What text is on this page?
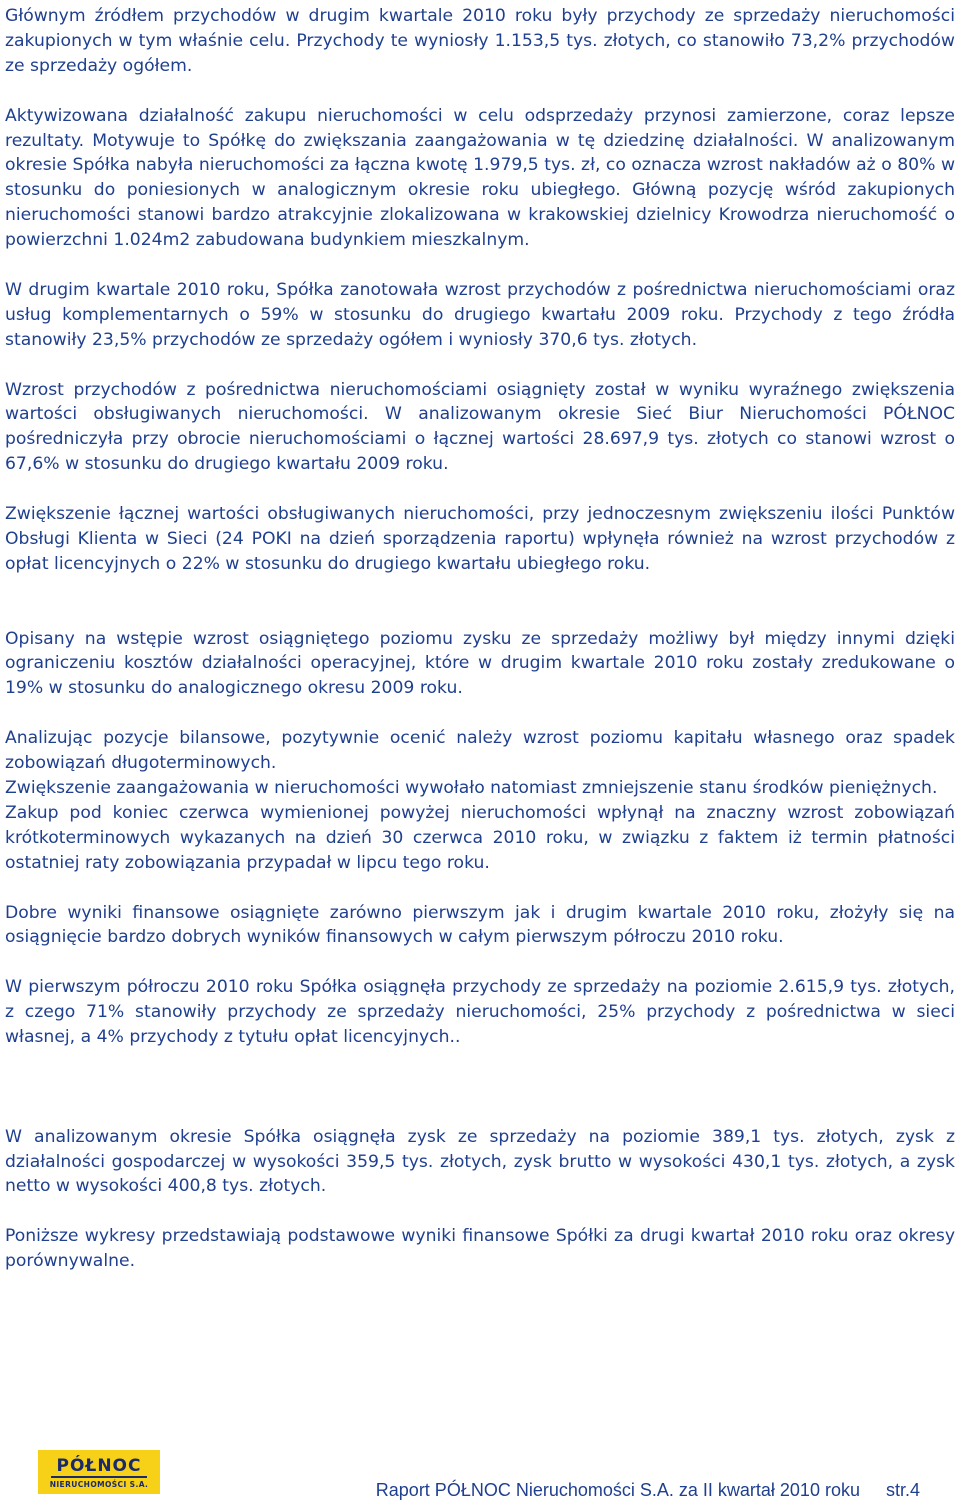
Głównym źródłem przychodów w drugim kwartale 2010 roku były przychody ze sprzedaży nieruchomości zakupionych w tym właśnie celu. Przychody te wyniosły 1.153,5 tys. złotych, co stanowiło 73,2% przychodów ze sprzedaży ogółem.

Aktywizowana działalność zakupu nieruchomości w celu odsprzedaży przynosi zamierzone, coraz lepsze rezultaty. Motywuje to Spółkę do zwiększania zaangażowania w tę dziedzinę działalności. W analizowanym okresie Spółka nabyła nieruchomości za łączna kwotę 1.979,5 tys. zł, co oznacza wzrost nakładów aż o 80% w stosunku do poniesionych w analogicznym okresie roku ubiegłego. Główną pozycję wśród zakupionych nieruchomości stanowi bardzo atrakcyjnie zlokalizowana w krakowskiej dzielnicy Krowodrza nieruchomość o powierzchni 1.024m2 zabudowana budynkiem mieszkalnym.

W drugim kwartale 2010 roku, Spółka zanotowała wzrost przychodów z pośrednictwa nieruchomościami oraz usług komplementarnych o 59% w stosunku do drugiego kwartału 2009 roku. Przychody z tego źródła stanowiły 23,5% przychodów ze sprzedaży ogółem i wyniosły 370,6 tys. złotych.

Wzrost przychodów z pośrednictwa nieruchomościami osiągnięty został w wyniku wyraźnego zwiększenia wartości obsługiwanych nieruchomości. W analizowanym okresie Sieć Biur Nieruchomości PÓŁNOC pośredniczyła przy obrocie nieruchomościami o łącznej wartości 28.697,9 tys. złotych co stanowi wzrost o 67,6% w stosunku do drugiego kwartału 2009 roku.

Zwiększenie łącznej wartości obsługiwanych nieruchomości, przy jednoczesnym zwiększeniu ilości Punktów Obsługi Klienta w Sieci (24 POKI na dzień sporządzenia raportu) wpłynęła również na wzrost przychodów z opłat licencyjnych o 22% w stosunku do drugiego kwartału ubiegłego roku.

Opisany na wstępie wzrost osiągniętego poziomu zysku ze sprzedaży możliwy był między innymi dzięki ograniczeniu kosztów działalności operacyjnej, które w drugim kwartale 2010 roku zostały zredukowane o 19% w stosunku do analogicznego okresu 2009 roku.

Analizując pozycje bilansowe, pozytywnie ocenić należy wzrost poziomu kapitału własnego oraz spadek zobowiązań długoterminowych.

Zwiększenie zaangażowania w nieruchomości wywołało natomiast zmniejszenie stanu środków pieniężnych.

Zakup pod koniec czerwca wymienionej powyżej nieruchomości wpłynął na znaczny wzrost zobowiązań krótkoterminowych wykazanych na dzień 30 czerwca 2010 roku, w związku z faktem iż termin płatności ostatniej raty zobowiązania przypadał w lipcu tego roku.

Dobre wyniki finansowe osiągnięte zarówno pierwszym jak i drugim kwartale 2010 roku, złożyły się na osiągnięcie bardzo dobrych wyników finansowych w całym pierwszym półroczu 2010 roku.

W pierwszym półroczu 2010 roku Spółka osiągnęła przychody ze sprzedaży na poziomie 2.615,9 tys. złotych, z czego 71% stanowiły przychody ze sprzedaży nieruchomości, 25% przychody z pośrednictwa w sieci własnej, a 4% przychody z tytułu opłat licencyjnych..

W analizowanym okresie Spółka osiągnęła zysk ze sprzedaży na poziomie 389,1 tys. złotych, zysk z działalności gospodarczej w wysokości 359,5 tys. złotych, zysk brutto w wysokości 430,1 tys. złotych, a zysk netto w wysokości 400,8 tys. złotych.

Poniższe wykresy przedstawiają podstawowe wyniki finansowe Spółki za drugi kwartał 2010 roku oraz okresy porównywalne.

PÓŁNOC
NIERUCHOMOŚCI S.A.	Raport PÓŁNOC Nieruchomości S.A. za II kwartał 2010 roku str.4
